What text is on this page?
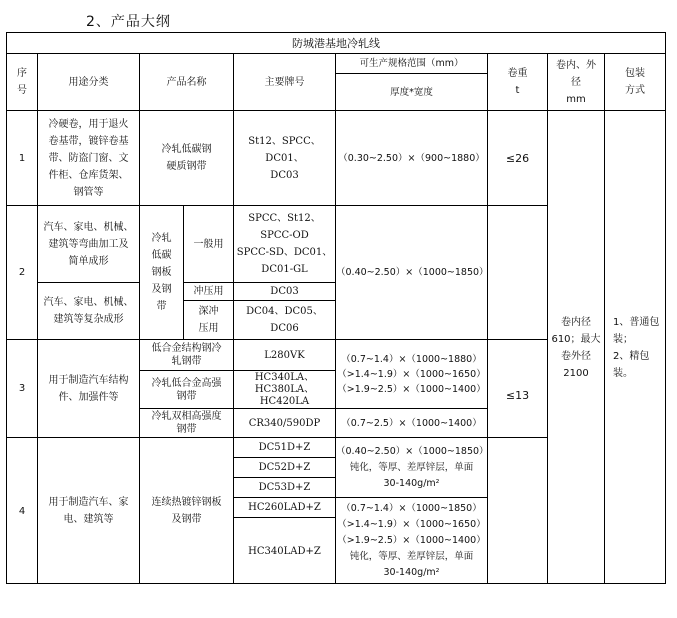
2、产品大纲
防城港基地冷轧线
序
号
用途分类	产品名称	主要牌号
可生产规格范围（mm）
厚度*宽度
卷重
t
卷内、外
径
mm
包装
方式
1
冷硬卷，用于退火
卷基带，镀锌卷基
带、防盗门窗、文
件柜、仓库货架、
钢管等
冷轧低碳钢
硬质钢带
St12、SPCC、DC01、
DC03
（0.30~2.50）×（900~1880） ≤26
2
汽车、家电、机械、
建筑等弯曲加工及
简单成形
汽车、家电、机械、
建筑等复杂成形
冷轧
低碳
钢板
及钢
带
一般用
冲压用
深冲
压用
SPCC、St12、
SPCC-OD
SPCC-SD、DC01、
DC01-GL
DC03
DC04、DC05、DC06
（0.40~2.50）×（1000~1850）
3
用于制造汽车结构
件、加强件等
低合金结构钢冷
轧钢带
冷轧低合金高强
钢带
冷轧双相高强度
钢带
L280VK
HC340LA、
HC380LA、
HC420LA
CR340/590DP
（0.7~1.4）×（1000~1880）
（>1.4~1.9）×（1000~1650）
（>1.9~2.5）×（1000~1400）
（0.7~2.5）×（1000~1400）
≤13
4
用于制造汽车、家
电、建筑等
连续热镀锌钢板
及钢带
DC51D+Z
DC52D+Z
DC53D+Z
HC260LAD+Z
HC340LAD+Z
（0.40~2.50）×（1000~1850）
钝化，等厚、差厚锌层，单面
30-140g/m²
（0.7~1.4）×（1000~1850）
（>1.4~1.9）×（1000~1650）
（>1.9~2.5）×（1000~1400）
钝化，等厚、差厚锌层，单面
30-140g/m²
卷内径
610；最大
卷外径
2100
1、普通包
装；
2、精包
装。
